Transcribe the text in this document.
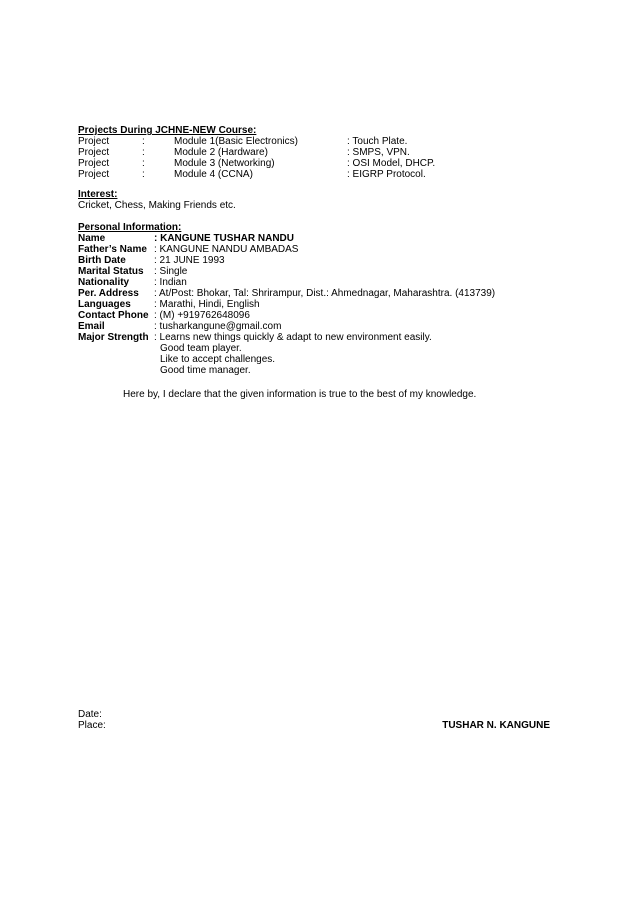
Projects During JCHNE-NEW Course:
Project	:	Module 1(Basic Electronics)	: Touch Plate.
Project	:	Module 2 (Hardware)	: SMPS, VPN.
Project	:	Module 3 (Networking)	: OSI Model, DHCP.
Project	:	Module 4 (CCNA)	: EIGRP Protocol.
Interest:
Cricket, Chess, Making Friends etc.
Personal Information:
Name	: KANGUNE TUSHAR NANDU
Father’s Name : KANGUNE NANDU AMBADAS
Birth Date	: 21 JUNE 1993
Marital Status : Single
Nationality : Indian
Per. Address : At/Post: Bhokar, Tal: Shrirampur, Dist.: Ahmednagar, Maharashtra. (413739)
Languages : Marathi, Hindi, English
Contact Phone : (M) +919762648096
Email	: tusharkangune@gmail.com
Major Strength : Learns new things quickly & adapt to new environment easily.
Good team player.
Like to accept challenges.
Good time manager.
Here by, I declare that the given information is true to the best of my knowledge.
Date:
Place:	TUSHAR N. KANGUNE
